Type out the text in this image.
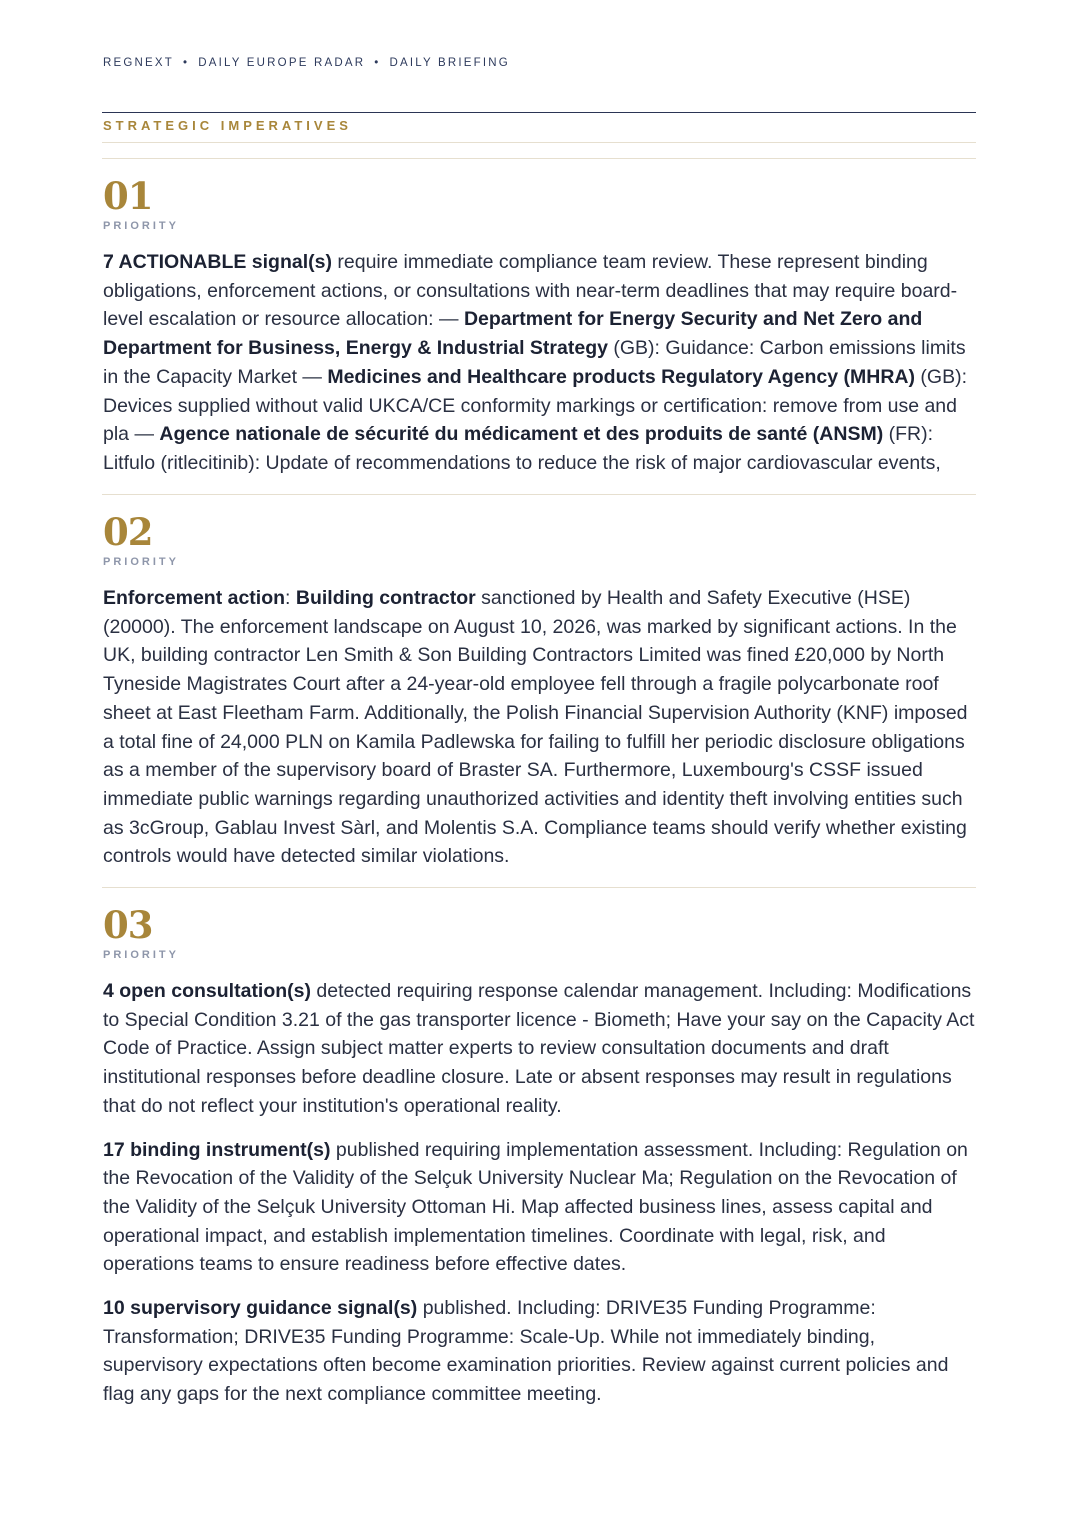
REGNEXT • DAILY EUROPE RADAR • DAILY BRIEFING
STRATEGIC IMPERATIVES
01
PRIORITY

7 ACTIONABLE signal(s) require immediate compliance team review. These represent binding obligations, enforcement actions, or consultations with near-term deadlines that may require board-level escalation or resource allocation: — Department for Energy Security and Net Zero and Department for Business, Energy & Industrial Strategy (GB): Guidance: Carbon emissions limits in the Capacity Market — Medicines and Healthcare products Regulatory Agency (MHRA) (GB): Devices supplied without valid UKCA/CE conformity markings or certification: remove from use and pla — Agence nationale de sécurité du médicament et des produits de santé (ANSM) (FR): Litfulo (ritlecitinib): Update of recommendations to reduce the risk of major cardiovascular events,

02
PRIORITY

Enforcement action: Building contractor sanctioned by Health and Safety Executive (HSE) (20000). The enforcement landscape on August 10, 2026, was marked by significant actions. In the UK, building contractor Len Smith & Son Building Contractors Limited was fined £20,000 by North Tyneside Magistrates Court after a 24-year-old employee fell through a fragile polycarbonate roof sheet at East Fleetham Farm. Additionally, the Polish Financial Supervision Authority (KNF) imposed a total fine of 24,000 PLN on Kamila Padlewska for failing to fulfill her periodic disclosure obligations as a member of the supervisory board of Braster SA. Furthermore, Luxembourg's CSSF issued immediate public warnings regarding unauthorized activities and identity theft involving entities such as 3cGroup, Gablau Invest Sàrl, and Molentis S.A. Compliance teams should verify whether existing controls would have detected similar violations.

03
PRIORITY

4 open consultation(s) detected requiring response calendar management. Including: Modifications to Special Condition 3.21 of the gas transporter licence - Biometh; Have your say on the Capacity Act Code of Practice. Assign subject matter experts to review consultation documents and draft institutional responses before deadline closure. Late or absent responses may result in regulations that do not reflect your institution's operational reality.

17 binding instrument(s) published requiring implementation assessment. Including: Regulation on the Revocation of the Validity of the Selçuk University Nuclear Ma; Regulation on the Revocation of the Validity of the Selçuk University Ottoman Hi. Map affected business lines, assess capital and operational impact, and establish implementation timelines. Coordinate with legal, risk, and operations teams to ensure readiness before effective dates.

10 supervisory guidance signal(s) published. Including: DRIVE35 Funding Programme: Transformation; DRIVE35 Funding Programme: Scale-Up. While not immediately binding, supervisory expectations often become examination priorities. Review against current policies and flag any gaps for the next compliance committee meeting.
